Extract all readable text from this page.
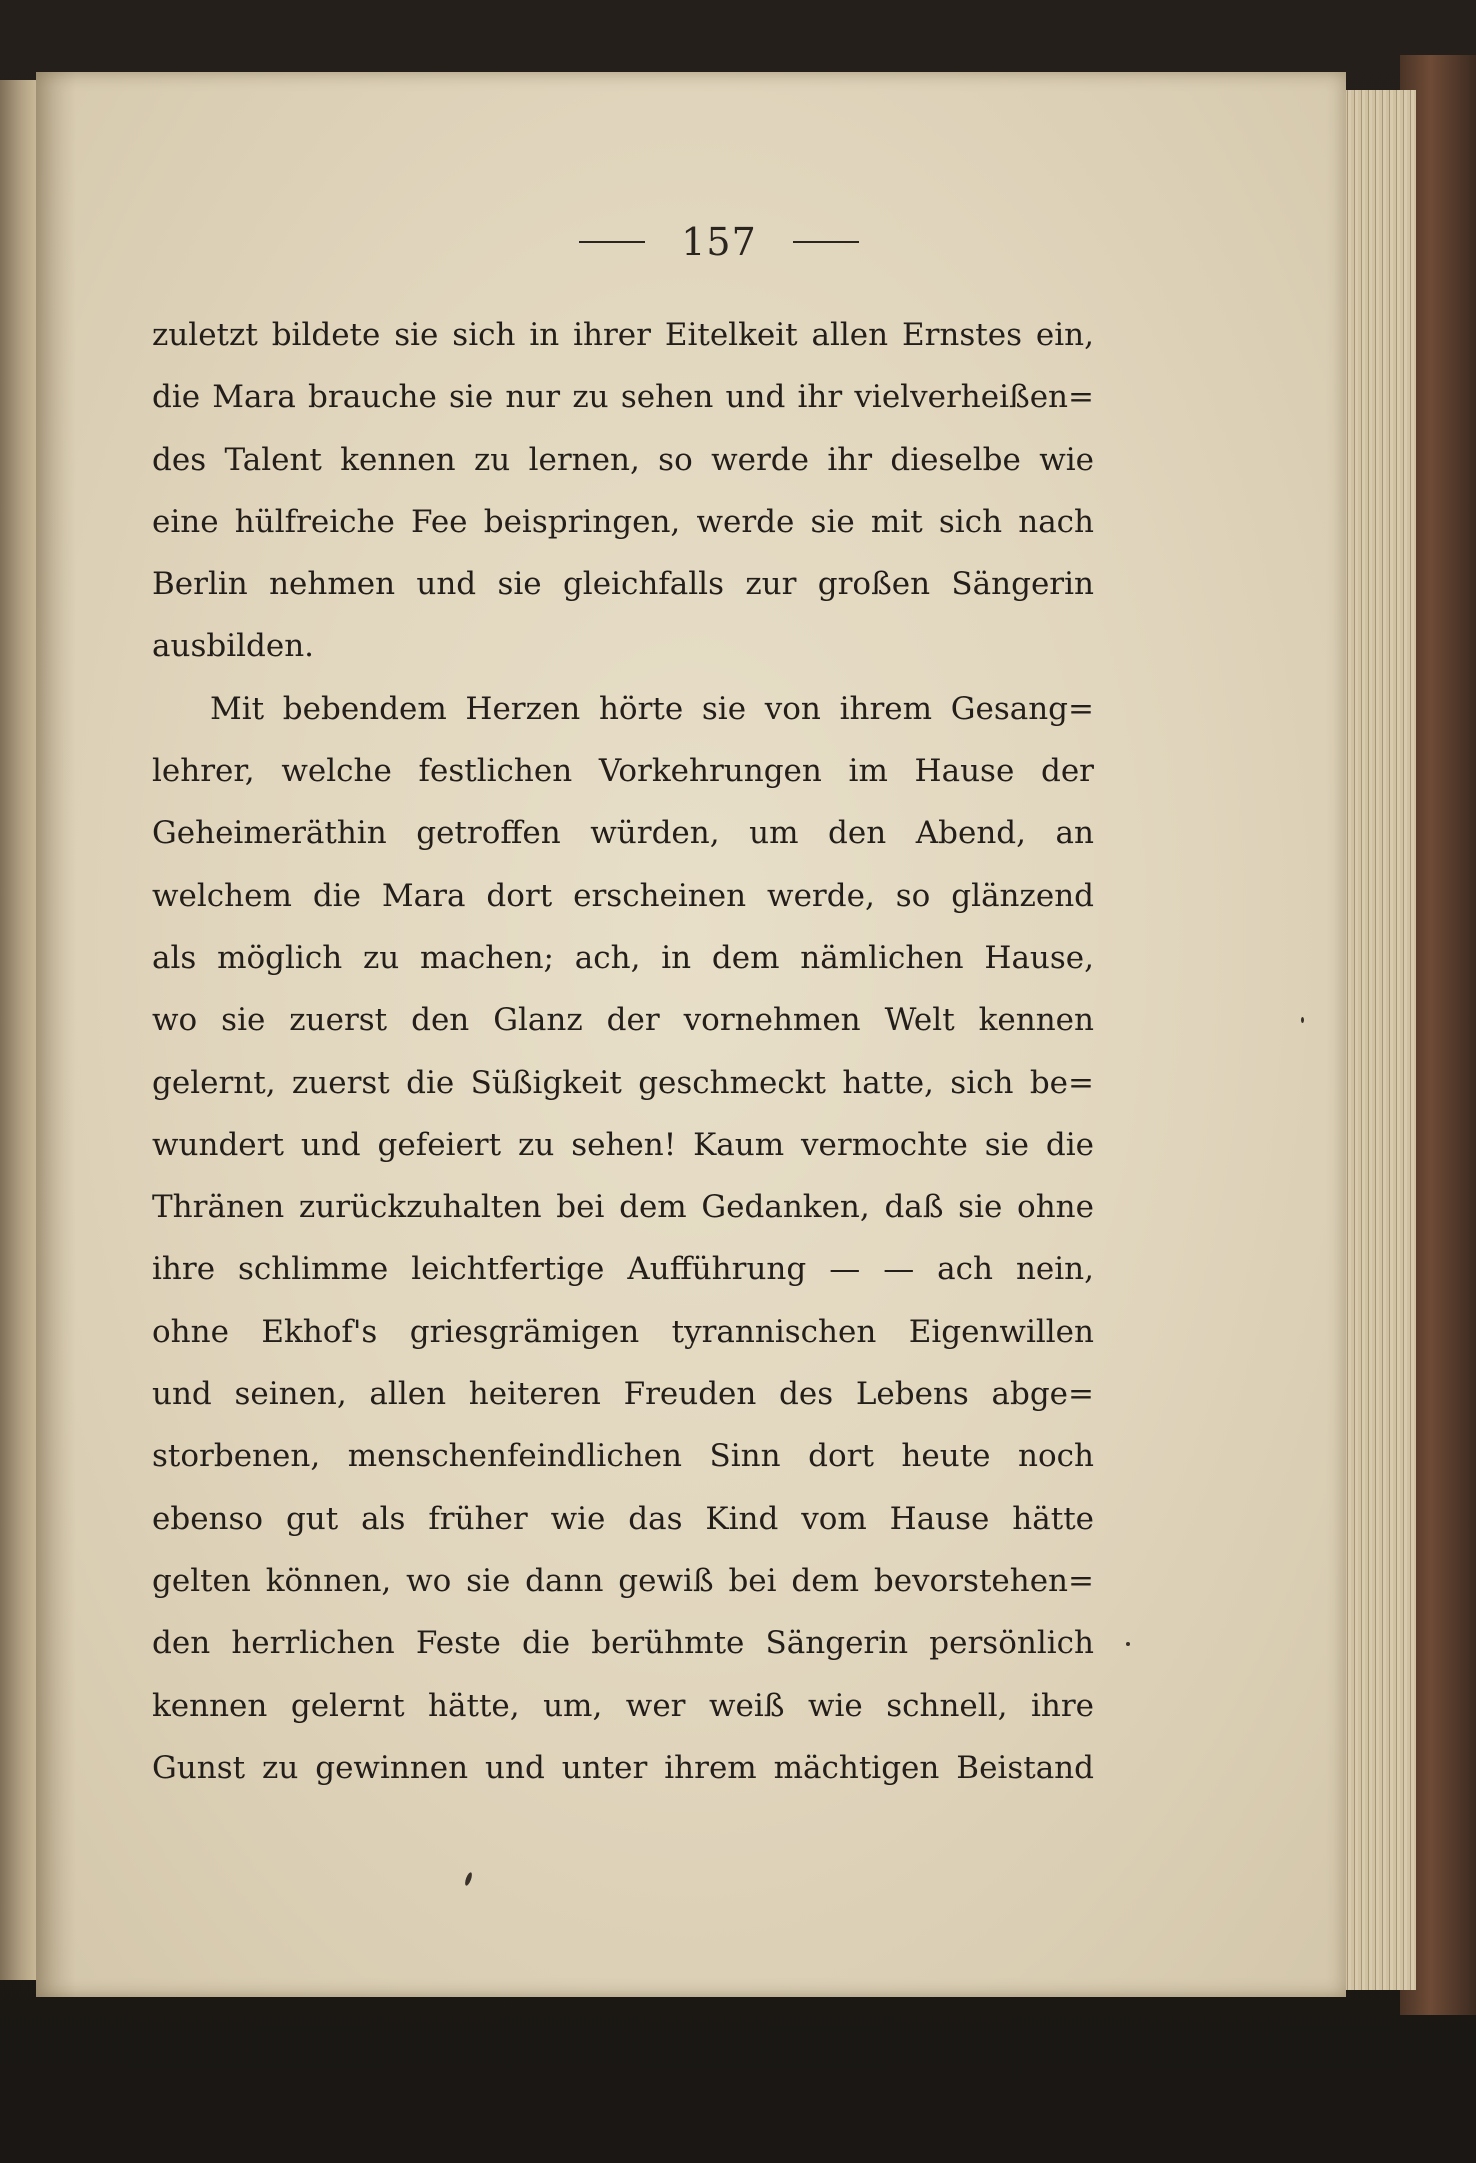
157
zuletzt bildete sie sich in ihrer Eitelkeit allen Ernstes ein,
die Mara brauche sie nur zu sehen und ihr vielverheißen=
des Talent kennen zu lernen, so werde ihr dieselbe wie
eine hülfreiche Fee beispringen, werde sie mit sich nach
Berlin nehmen und sie gleichfalls zur großen Sängerin
ausbilden.
Mit bebendem Herzen hörte sie von ihrem Gesang=
lehrer, welche festlichen Vorkehrungen im Hause der
Geheimeräthin getroffen würden, um den Abend, an
welchem die Mara dort erscheinen werde, so glänzend
als möglich zu machen; ach, in dem nämlichen Hause,
wo sie zuerst den Glanz der vornehmen Welt kennen
gelernt, zuerst die Süßigkeit geschmeckt hatte, sich be=
wundert und gefeiert zu sehen! Kaum vermochte sie die
Thränen zurückzuhalten bei dem Gedanken, daß sie ohne
ihre schlimme leichtfertige Aufführung — — ach nein,
ohne Ekhof's griesgrämigen tyrannischen Eigenwillen
und seinen, allen heiteren Freuden des Lebens abge=
storbenen, menschenfeindlichen Sinn dort heute noch
ebenso gut als früher wie das Kind vom Hause hätte
gelten können, wo sie dann gewiß bei dem bevorstehen=
den herrlichen Feste die berühmte Sängerin persönlich
kennen gelernt hätte, um, wer weiß wie schnell, ihre
Gunst zu gewinnen und unter ihrem mächtigen Beistand
